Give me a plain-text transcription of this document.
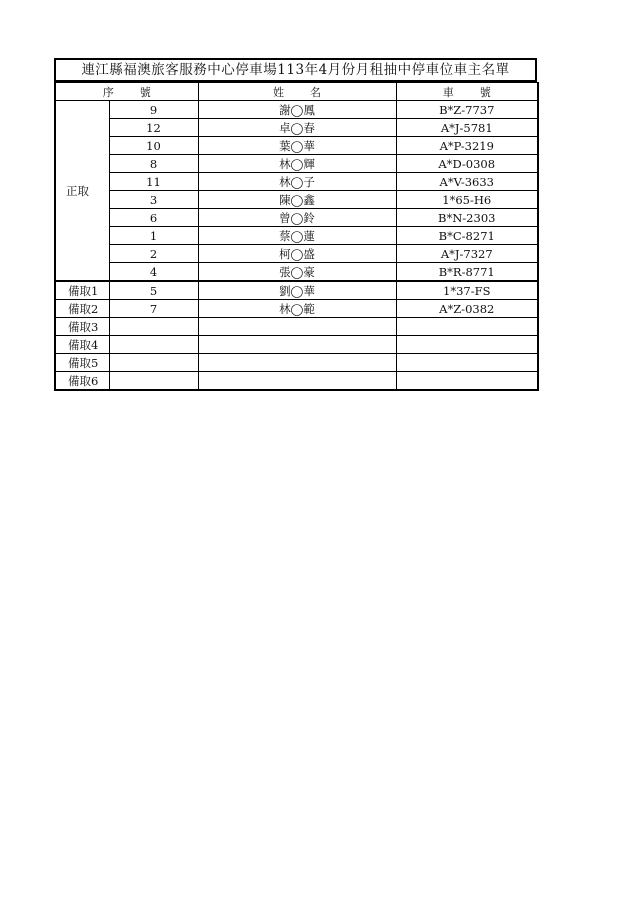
連江縣福澳旅客服務中心停車場113年4月份月租抽中停車位車主名單
序號		姓名	車號
正取	9	謝◯鳳	B*Z-7737
	12	卓◯春	A*J-5781
	10	葉◯華	A*P-3219
	8	林◯輝	A*D-0308
	11	林◯子	A*V-3633
	3	陳◯鑫	1*65-H6
	6	曾◯鈴	B*N-2303
	1	蔡◯蓮	B*C-8271
	2	柯◯盛	A*J-7327
	4	張◯豪	B*R-8771
備取1	5	劉◯華	1*37-FS
備取2	7	林◯範	A*Z-0382
備取3			
備取4			
備取5			
備取6			
